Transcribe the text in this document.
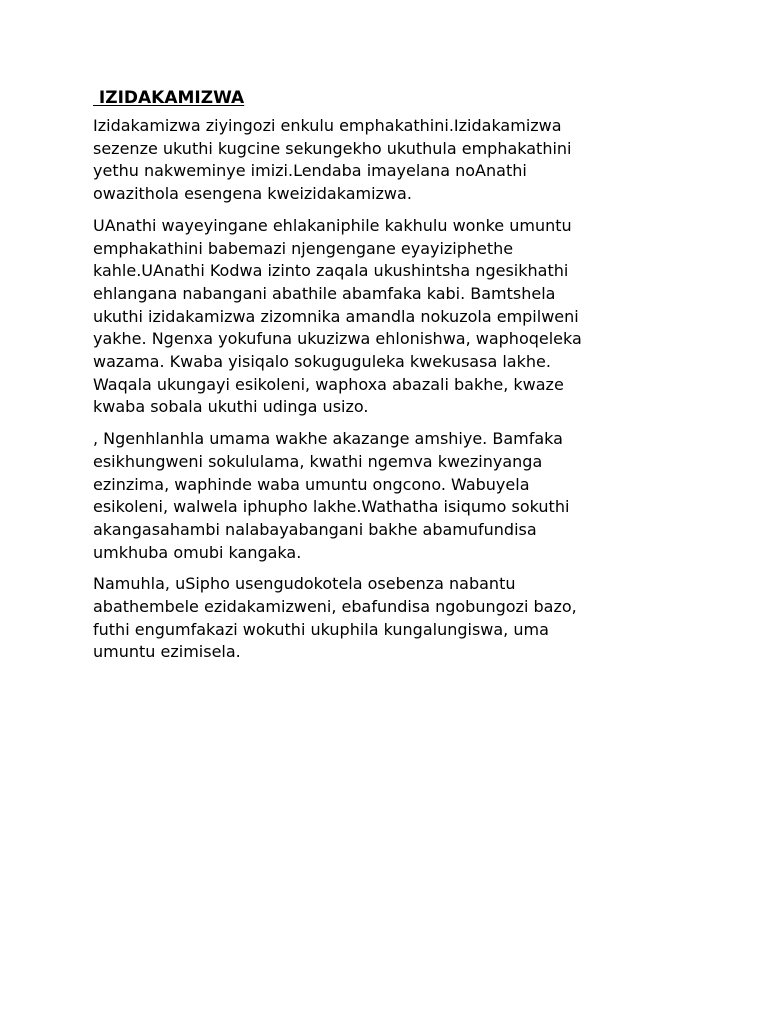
IZIDAKAMIZWA

Izidakamizwa ziyingozi enkulu emphakathini.Izidakamizwa
sezenze ukuthi kugcine sekungekho ukuthula emphakathini
yethu nakweminye imizi.Lendaba imayelana noAnathi
owazithola esengena kweizidakamizwa.

UAnathi wayeyingane ehlakaniphile kakhulu wonke umuntu
emphakathini babemazi njengengane eyayiziphethe
kahle.UAnathi Kodwa izinto zaqala ukushintsha ngesikhathi
ehlangana nabangani abathile abamfaka kabi. Bamtshela
ukuthi izidakamizwa zizomnika amandla nokuzola empilweni
yakhe. Ngenxa yokufuna ukuzizwa ehlonishwa, waphoqeleka
wazama. Kwaba yisiqalo sokuguguleka kwekusasa lakhe.
Waqala ukungayi esikoleni, waphoxa abazali bakhe, kwaze
kwaba sobala ukuthi udinga usizo.

, Ngenhlanhla umama wakhe akazange amshiye. Bamfaka
esikhungweni sokululama, kwathi ngemva kwezinyanga
ezinzima, waphinde waba umuntu ongcono. Wabuyela
esikoleni, walwela iphupho lakhe.Wathatha isiqumo sokuthi
akangasahambi nalabayabangani bakhe abamufundisa
umkhuba omubi kangaka.

Namuhla, uSipho usengudokotela osebenza nabantu
abathembele ezidakamizweni, ebafundisa ngobungozi bazo,
futhi engumfakazi wokuthi ukuphila kungalungiswa, uma
umuntu ezimisela.
